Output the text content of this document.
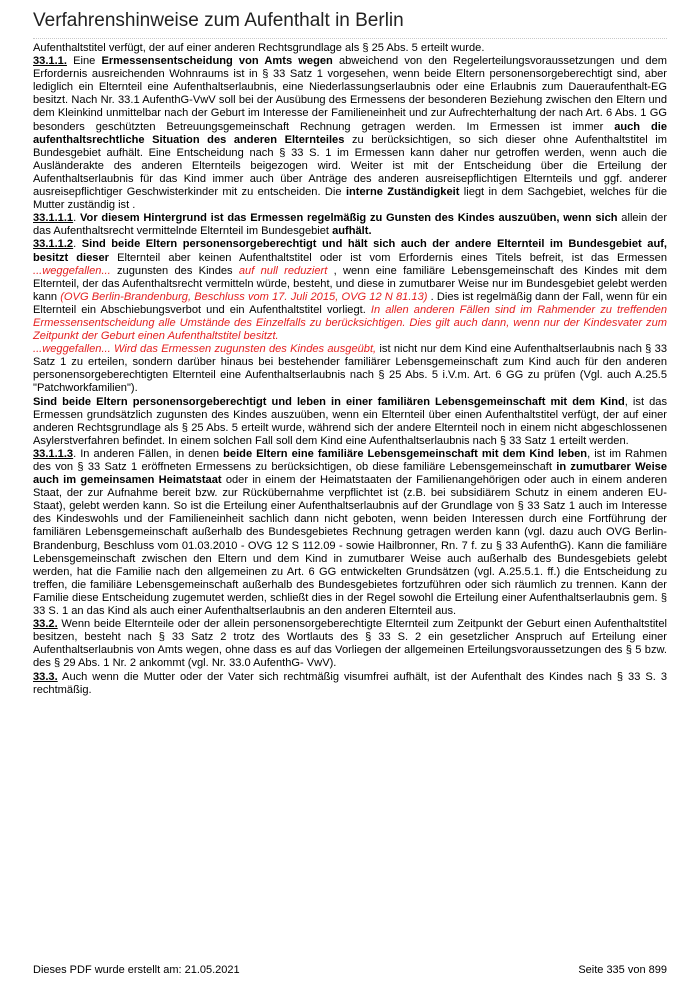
Verfahrenshinweise zum Aufenthalt in Berlin

Aufenthaltstitel verfügt, der auf einer anderen Rechtsgrundlage als § 25 Abs. 5 erteilt wurde.

33.1.1. Eine Ermessensentscheidung von Amts wegen abweichend von den Regelerteilungsvoraussetzungen und dem Erfordernis ausreichenden Wohnraums ist in § 33 Satz 1 vorgesehen, wenn beide Eltern personensorgeberechtigt sind, aber lediglich ein Elternteil eine Aufenthaltserlaubnis, eine Niederlassungserlaubnis oder eine Erlaubnis zum Daueraufenthalt-EG besitzt. Nach Nr. 33.1 AufenthG-VwV soll bei der Ausübung des Ermessens der besonderen Beziehung zwischen den Eltern und dem Kleinkind unmittelbar nach der Geburt im Interesse der Familieneinheit und zur Aufrechterhaltung der nach Art. 6 Abs. 1 GG besonders geschützten Betreuungsgemeinschaft Rechnung getragen werden. Im Ermessen ist immer auch die aufenthaltsrechtliche Situation des anderen Elternteiles zu berücksichtigen, so sich dieser ohne Aufenthaltstitel im Bundesgebiet aufhält. Eine Entscheidung nach § 33 S. 1 im Ermessen kann daher nur getroffen werden, wenn auch die Ausländerakte des anderen Elternteils beigezogen wird. Weiter ist mit der Entscheidung über die Erteilung der Aufenthaltserlaubnis für das Kind immer auch über Anträge des anderen ausreisepflichtigen Elternteils und ggf. anderer ausreisepflichtiger Geschwisterkinder mit zu entscheiden. Die interne Zuständigkeit liegt in dem Sachgebiet, welches für die Mutter zuständig ist .

33.1.1.1. Vor diesem Hintergrund ist das Ermessen regelmäßig zu Gunsten des Kindes auszuüben, wenn sich allein der das Aufenthaltsrecht vermittelnde Elternteil im Bundesgebiet aufhält.

33.1.1.2. Sind beide Eltern personensorgeberechtigt und hält sich auch der andere Elternteil im Bundesgebiet auf, besitzt dieser Elternteil aber keinen Aufenthaltstitel oder ist vom Erfordernis eines Titels befreit, ist das Ermessen ...weggefallen... zugunsten des Kindes auf null reduziert , wenn eine familiäre Lebensgemeinschaft des Kindes mit dem Elternteil, der das Aufenthaltsrecht vermitteln würde, besteht, und diese in zumutbarer Weise nur im Bundesgebiet gelebt werden kann (OVG Berlin-Brandenburg, Beschluss vom 17. Juli 2015, OVG 12 N 81.13) . Dies ist regelmäßig dann der Fall, wenn für ein Elternteil ein Abschiebungsverbot und ein Aufenthaltstitel vorliegt. In allen anderen Fällen sind im Rahmender zu treffenden Ermessensentscheidung alle Umstände des Einzelfalls zu berücksichtigen. Dies gilt auch dann, wenn nur der Kindesvater zum Zeitpunkt der Geburt einen Aufenthaltstitel besitzt.

...weggefallen... Wird das Ermessen zugunsten des Kindes ausgeübt, ist nicht nur dem Kind eine Aufenthaltserlaubnis nach § 33 Satz 1 zu erteilen, sondern darüber hinaus bei bestehender familiärer Lebensgemeinschaft zum Kind auch für den anderen personensorgeberechtigten Elternteil eine Aufenthaltserlaubnis nach § 25 Abs. 5 i.V.m. Art. 6 GG zu prüfen (Vgl. auch A.25.5 "Patchworkfamilien").

Sind beide Eltern personensorgeberechtigt und leben in einer familiären Lebensgemeinschaft mit dem Kind, ist das Ermessen grundsätzlich zugunsten des Kindes auszuüben, wenn ein Elternteil über einen Aufenthaltstitel verfügt, der auf einer anderen Rechtsgrundlage als § 25 Abs. 5 erteilt wurde, während sich der andere Elternteil noch in einem nicht abgeschlossenen Asylerstverfahren befindet. In einem solchen Fall soll dem Kind eine Aufenthaltserlaubnis nach § 33 Satz 1 erteilt werden.

33.1.1.3. In anderen Fällen, in denen beide Eltern eine familiäre Lebensgemeinschaft mit dem Kind leben, ist im Rahmen des von § 33 Satz 1 eröffneten Ermessens zu berücksichtigen, ob diese familiäre Lebensgemeinschaft in zumutbarer Weise auch im gemeinsamen Heimatstaat oder in einem der Heimatstaaten der Familienangehörigen oder auch in einem anderen Staat, der zur Aufnahme bereit bzw. zur Rückübernahme verpflichtet ist (z.B. bei subsidiärem Schutz in einem anderen EU-Staat), gelebt werden kann. So ist die Erteilung einer Aufenthaltserlaubnis auf der Grundlage von § 33 Satz 1 auch im Interesse des Kindeswohls und der Familieneinheit sachlich dann nicht geboten, wenn beiden Interessen durch eine Fortführung der familiären Lebensgemeinschaft außerhalb des Bundesgebietes Rechnung getragen werden kann (vgl. dazu auch OVG Berlin-Brandenburg, Beschluss vom 01.03.2010 - OVG 12 S 112.09 - sowie Hailbronner, Rn. 7 f. zu § 33 AufenthG). Kann die familiäre Lebensgemeinschaft zwischen den Eltern und dem Kind in zumutbarer Weise auch außerhalb des Bundesgebiets gelebt werden, hat die Familie nach den allgemeinen zu Art. 6 GG entwickelten Grundsätzen (vgl. A.25.5.1. ff.) die Entscheidung zu treffen, die familiäre Lebensgemeinschaft außerhalb des Bundesgebietes fortzuführen oder sich räumlich zu trennen. Kann der Familie diese Entscheidung zugemutet werden, schließt dies in der Regel sowohl die Erteilung einer Aufenthaltserlaubnis gem. § 33 S. 1 an das Kind als auch einer Aufenthaltserlaubnis an den anderen Elternteil aus.

33.2. Wenn beide Elternteile oder der allein personensorgeberechtigte Elternteil zum Zeitpunkt der Geburt einen Aufenthaltstitel besitzen, besteht nach § 33 Satz 2 trotz des Wortlauts des § 33 S. 2 ein gesetzlicher Anspruch auf Erteilung einer Aufenthaltserlaubnis von Amts wegen, ohne dass es auf das Vorliegen der allgemeinen Erteilungsvoraussetzungen des § 5 bzw. des § 29 Abs. 1 Nr. 2 ankommt (vgl. Nr. 33.0 AufenthG- VwV).

33.3. Auch wenn die Mutter oder der Vater sich rechtmäßig visumfrei aufhält, ist der Aufenthalt des Kindes nach § 33 S. 3 rechtmäßig.

Dieses PDF wurde erstellt am: 21.05.2021	Seite 335 von 899
